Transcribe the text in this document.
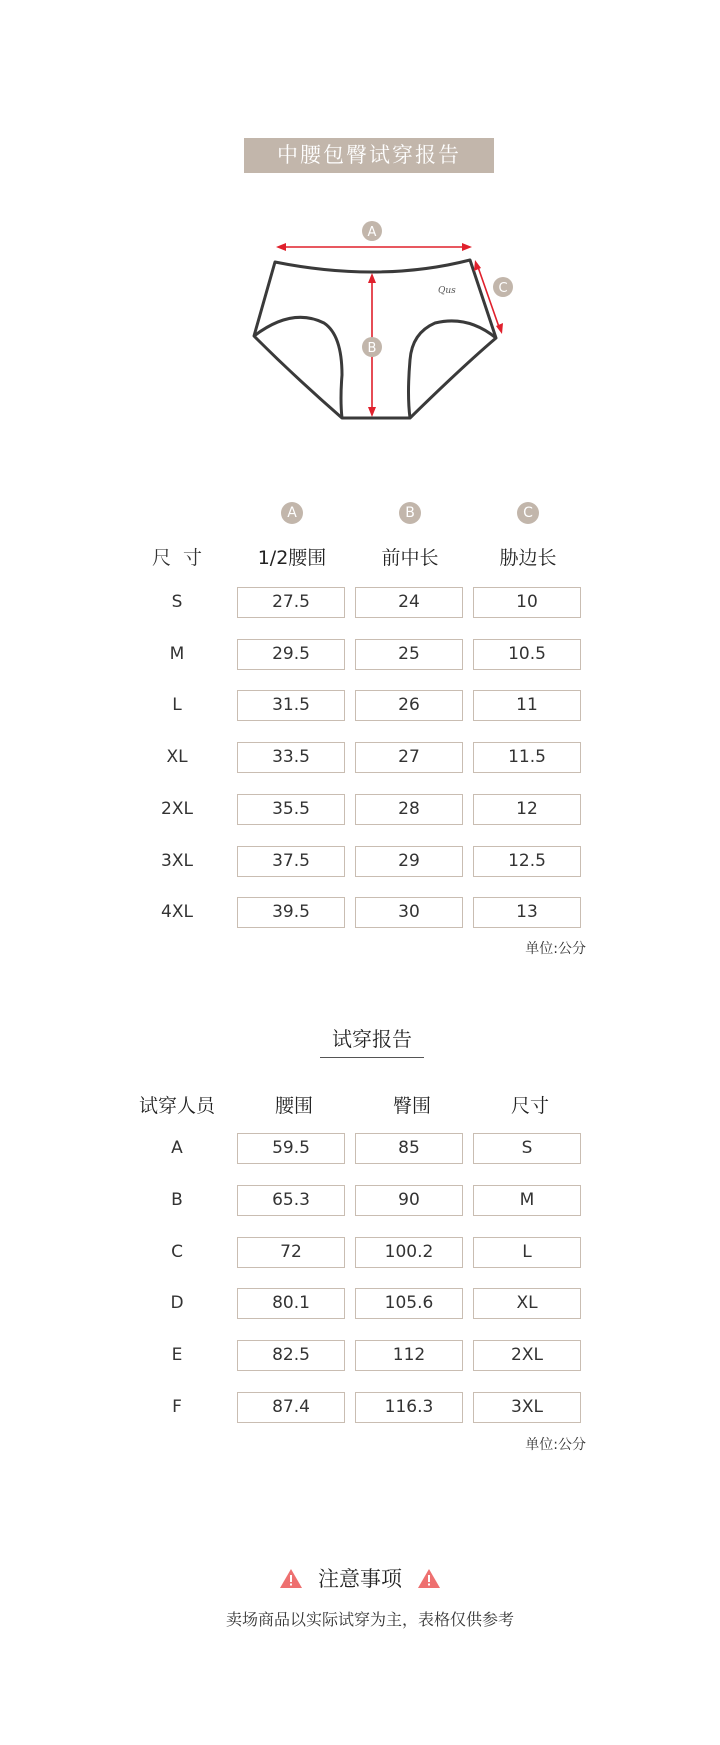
中腰包臀试穿报告
Qus
A
B
C
A	B	C
尺  寸	1/2腰围	前中长	胁边长
S	27.5	24	10
M	29.5	25	10.5
L	31.5	26	11
XL	33.5	27	11.5
2XL	35.5	28	12
3XL	37.5	29	12.5
4XL	39.5	30	13
单位:公分
试穿报告
试穿人员	腰围	臀围	尺寸
A	59.5	85	S
B	65.3	90	M
C	72	100.2	L
D	80.1	105.6	XL
E	82.5	112	2XL
F	87.4	116.3	3XL
单位:公分
注意事项
卖场商品以实际试穿为主，表格仅供参考
